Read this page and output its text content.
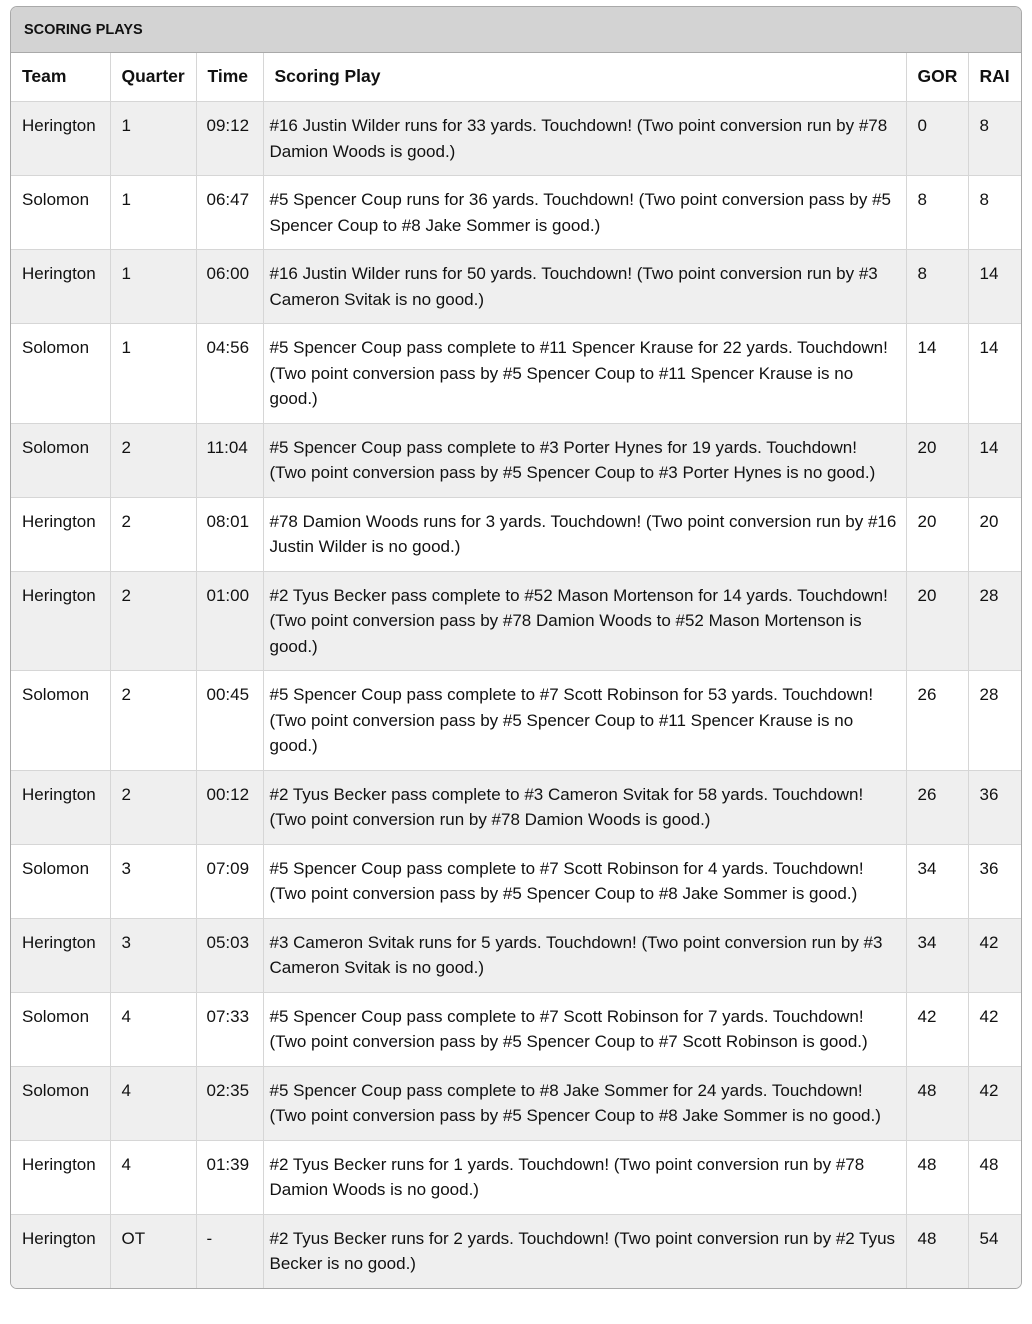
SCORING PLAYS
Team	Quarter	Time	Scoring Play	GOR	RAI
Herington	1	09:12	#16 Justin Wilder runs for 33 yards. Touchdown! (Two point conversion run by #78 Damion Woods is good.)	0	8
Solomon	1	06:47	#5 Spencer Coup runs for 36 yards. Touchdown! (Two point conversion pass by #5 Spencer Coup to #8 Jake Sommer is good.)	8	8
Herington	1	06:00	#16 Justin Wilder runs for 50 yards. Touchdown! (Two point conversion run by #3 Cameron Svitak is no good.)	8	14
Solomon	1	04:56	#5 Spencer Coup pass complete to #11 Spencer Krause for 22 yards. Touchdown! (Two point conversion pass by #5 Spencer Coup to #11 Spencer Krause is no good.)	14	14
Solomon	2	11:04	#5 Spencer Coup pass complete to #3 Porter Hynes for 19 yards. Touchdown! (Two point conversion pass by #5 Spencer Coup to #3 Porter Hynes is no good.)	20	14
Herington	2	08:01	#78 Damion Woods runs for 3 yards. Touchdown! (Two point conversion run by #16 Justin Wilder is no good.)	20	20
Herington	2	01:00	#2 Tyus Becker pass complete to #52 Mason Mortenson for 14 yards. Touchdown! (Two point conversion pass by #78 Damion Woods to #52 Mason Mortenson is good.)	20	28
Solomon	2	00:45	#5 Spencer Coup pass complete to #7 Scott Robinson for 53 yards. Touchdown! (Two point conversion pass by #5 Spencer Coup to #11 Spencer Krause is no good.)	26	28
Herington	2	00:12	#2 Tyus Becker pass complete to #3 Cameron Svitak for 58 yards. Touchdown! (Two point conversion run by #78 Damion Woods is good.)	26	36
Solomon	3	07:09	#5 Spencer Coup pass complete to #7 Scott Robinson for 4 yards. Touchdown! (Two point conversion pass by #5 Spencer Coup to #8 Jake Sommer is good.)	34	36
Herington	3	05:03	#3 Cameron Svitak runs for 5 yards. Touchdown! (Two point conversion run by #3 Cameron Svitak is no good.)	34	42
Solomon	4	07:33	#5 Spencer Coup pass complete to #7 Scott Robinson for 7 yards. Touchdown! (Two point conversion pass by #5 Spencer Coup to #7 Scott Robinson is good.)	42	42
Solomon	4	02:35	#5 Spencer Coup pass complete to #8 Jake Sommer for 24 yards. Touchdown! (Two point conversion pass by #5 Spencer Coup to #8 Jake Sommer is no good.)	48	42
Herington	4	01:39	#2 Tyus Becker runs for 1 yards. Touchdown! (Two point conversion run by #78 Damion Woods is no good.)	48	48
Herington	OT	-	#2 Tyus Becker runs for 2 yards. Touchdown! (Two point conversion run by #2 Tyus Becker is no good.)	48	54
